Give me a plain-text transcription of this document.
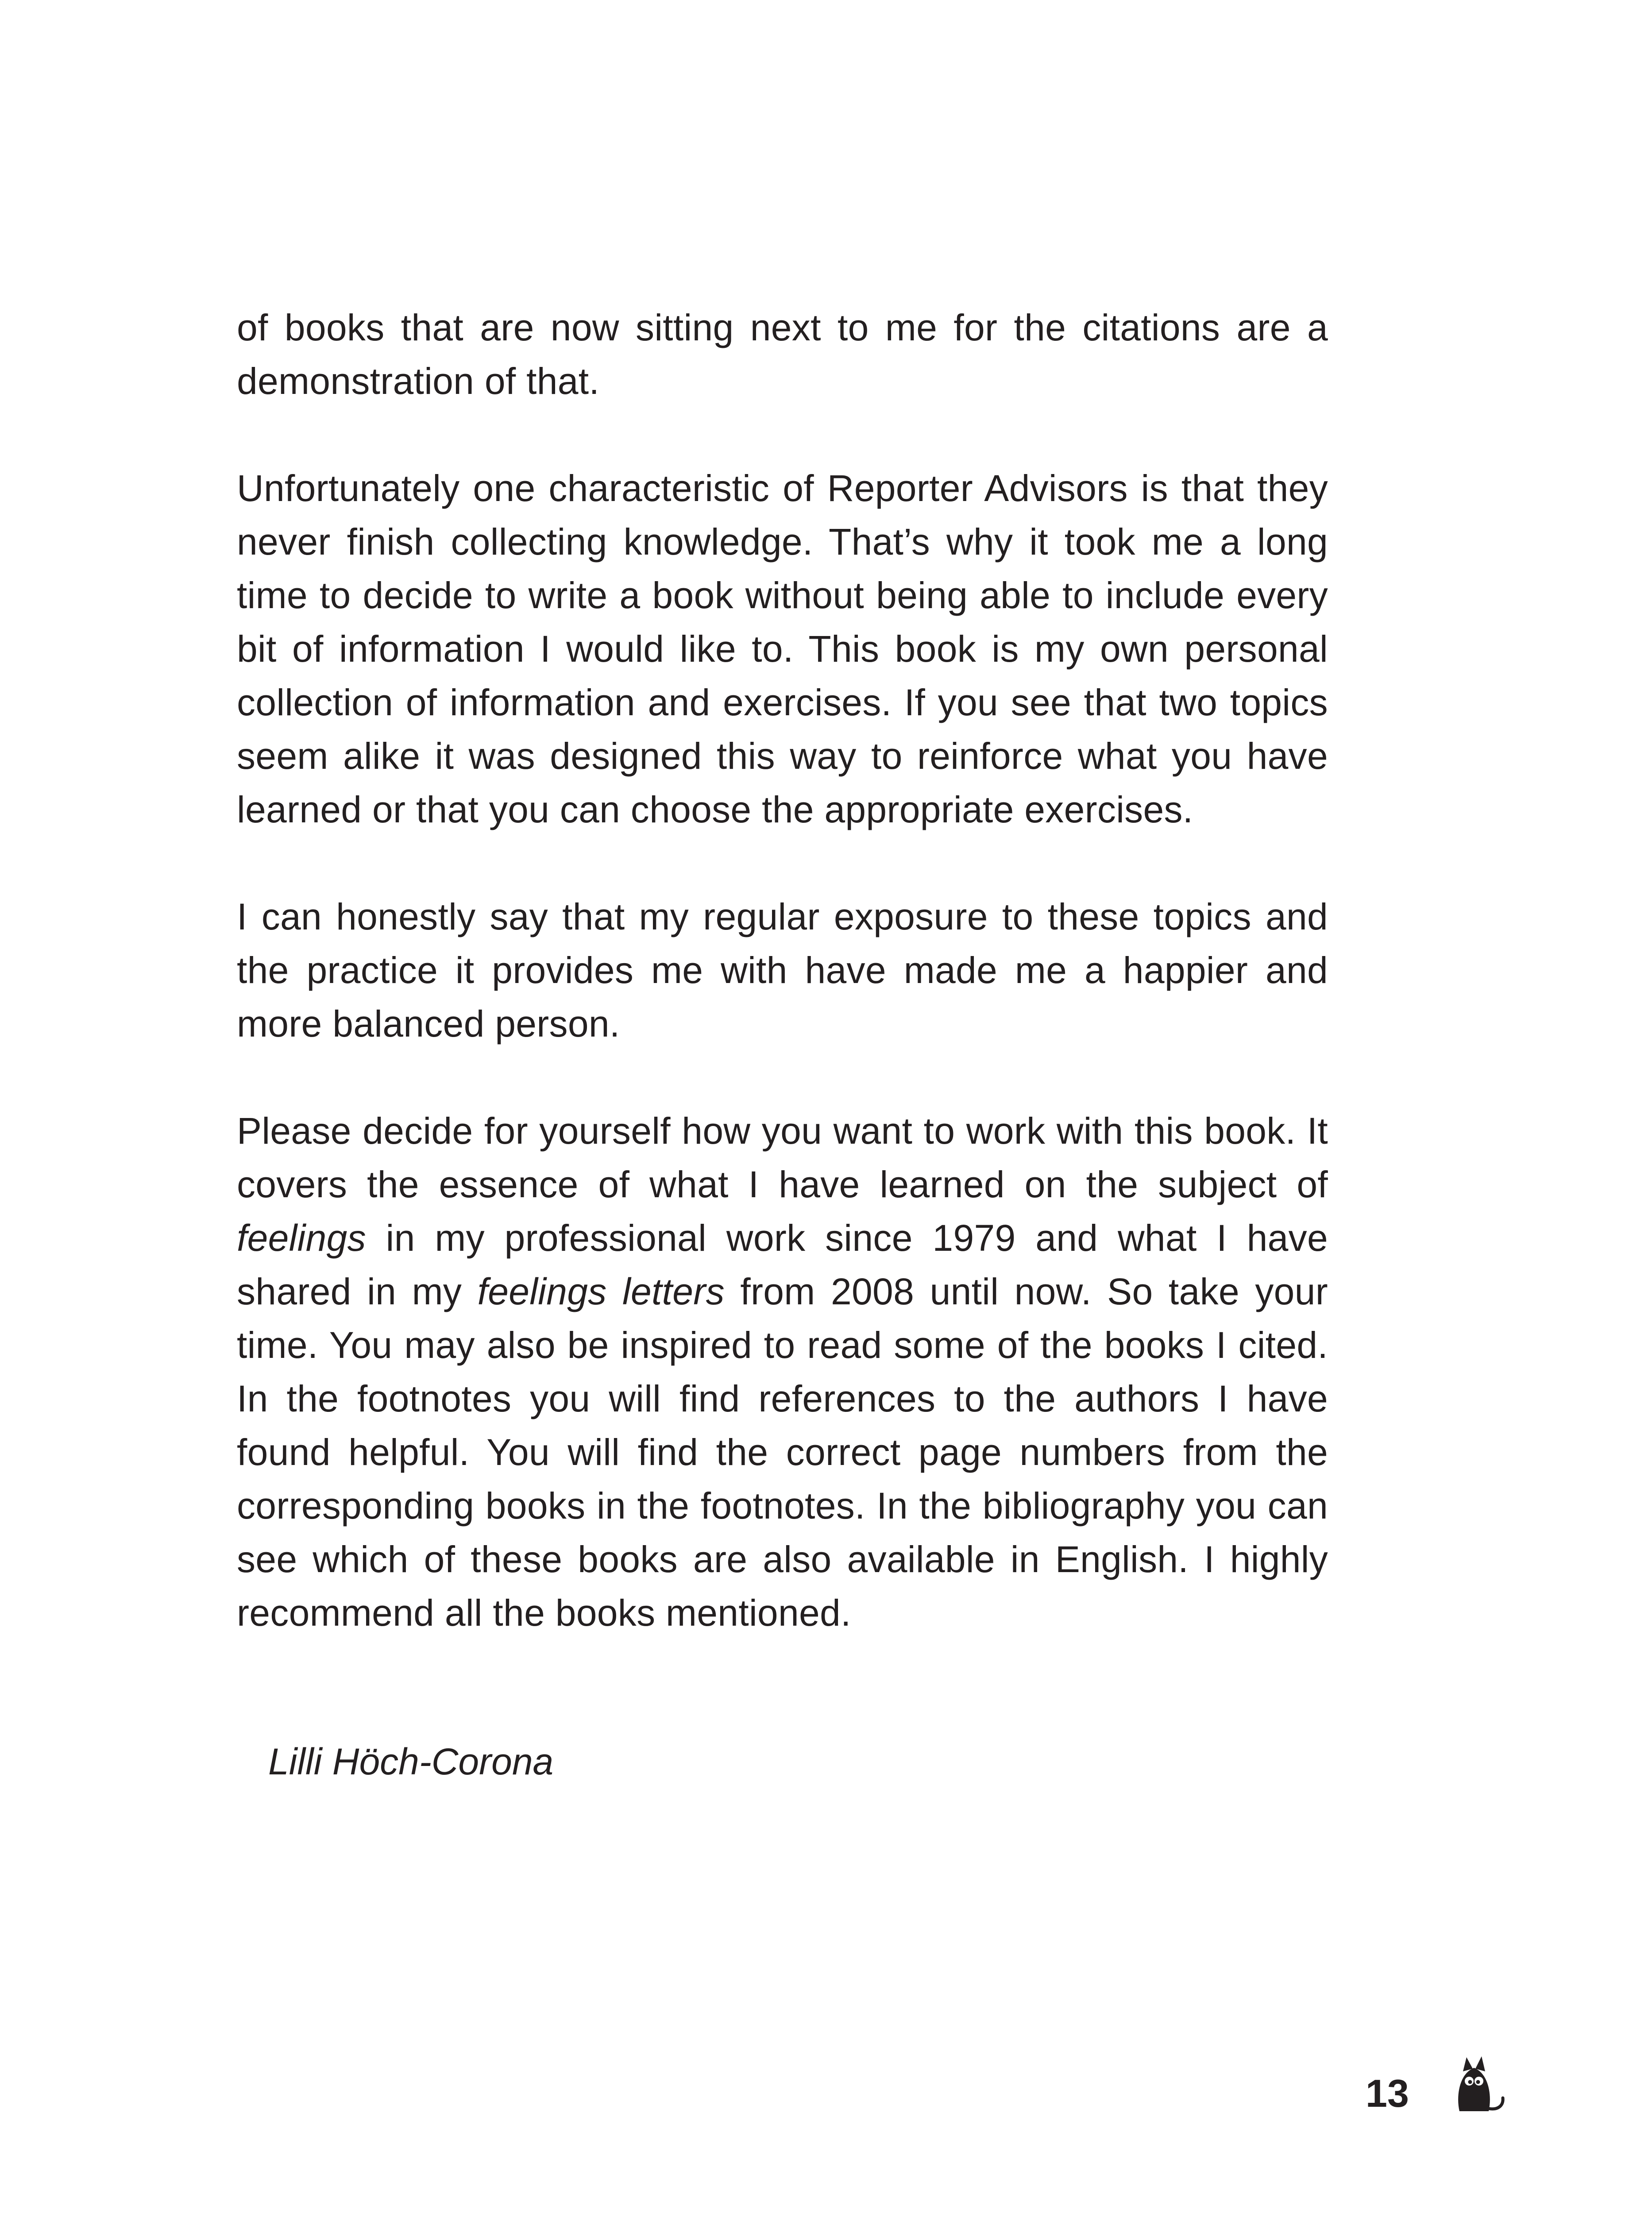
of books that are now sitting next to me for the citations are a demonstration of that.

Unfortunately one characteristic of Reporter Advisors is that they never finish collecting knowledge. That’s why it took me a long time to decide to write a book without being able to include every bit of information I would like to. This book is my own personal collection of information and exercises. If you see that two topics seem alike it was designed this way to reinforce what you have learned or that you can choose the appropriate exercises.

I can honestly say that my regular exposure to these topics and the practice it provides me with have made me a happier and more balanced person.

Please decide for yourself how you want to work with this book. It covers the essence of what I have learned on the subject of feelings in my professional work since 1979 and what I have shared in my feelings letters from 2008 until now. So take your time. You may also be inspired to read some of the books I cited. In the footnotes you will find references to the authors I have found helpful. You will find the correct page numbers from the corresponding books in the footnotes. In the bibliography you can see which of these books are also available in English. I highly recommend all the books mentioned.

Lilli Höch-Corona

13
